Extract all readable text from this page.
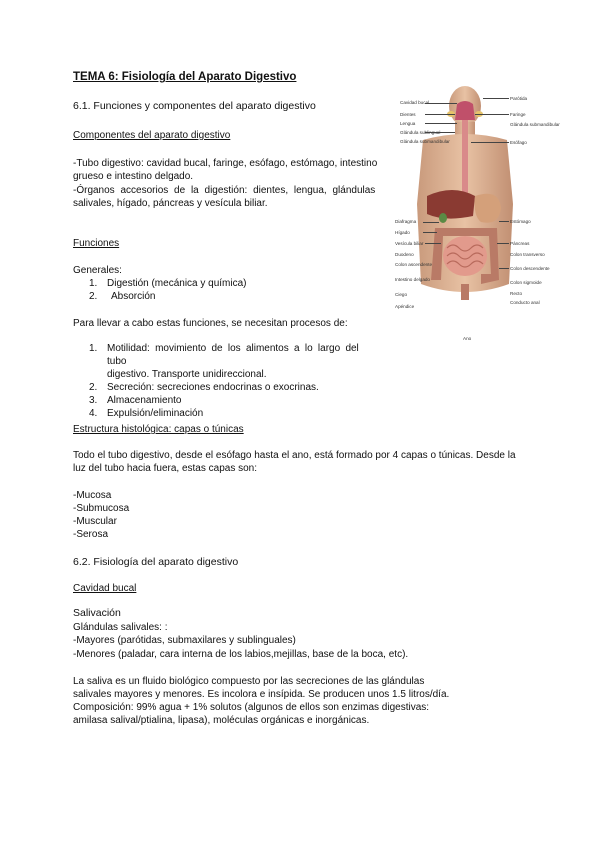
TEMA 6: Fisiología del Aparato Digestivo
6.1. Funciones y componentes del aparato digestivo
Componentes del aparato digestivo
-Tubo digestivo: cavidad bucal, faringe, esófago, estómago, intestino
grueso e intestino delgado.
-Órganos accesorios de la digestión: dientes, lengua, glándulas
salivales, hígado, páncreas y vesícula biliar.
Funciones
Generales:
1. Digestión (mecánica y química)
2. Absorción
Para llevar a cabo estas funciones, se necesitan procesos de:
1. Motilidad: movimiento de los alimentos a lo largo del tubo
digestivo. Transporte unidireccional.
2. Secreción: secreciones endocrinas o exocrinas.
3. Almacenamiento
4. Expulsión/eliminación
Estructura histológica: capas o túnicas
Todo el tubo digestivo, desde el esófago hasta el ano, está formado por 4 capas o túnicas. Desde la
luz del tubo hacia fuera, estas capas son:
-Mucosa
-Submucosa
-Muscular
-Serosa
6.2. Fisiología del aparato digestivo
Cavidad bucal
Salivación
Glándulas salivales: :
-Mayores (parótidas, submaxilares y sublinguales)
-Menores (paladar, cara interna de los labios,mejillas, base de la boca, etc).
La saliva es un fluido biológico compuesto por las secreciones de las glándulas
salivales mayores y menores. Es incolora e insípida. Se producen unos 1.5 litros/día.
Composición: 99% agua + 1% solutos (algunos de ellos son enzimas digestivas:
amilasa salival/ptialina, lipasa), moléculas orgánicas e inorgánicas.
Cavidad bucal
Dientes
Lengua
Glándula sublingual
Glándula submandibular
Diafragma
Hígado
Vesícula biliar
Duodeno
Colon ascendente
Intestino delgado
Ciego
Apéndice
Parótida
Faringe
Glándula submandibular
Esófago
Estómago
Páncreas
Colon transverso
Colon descendente
Colon sigmoide
Recto
Conducto anal
Ano
